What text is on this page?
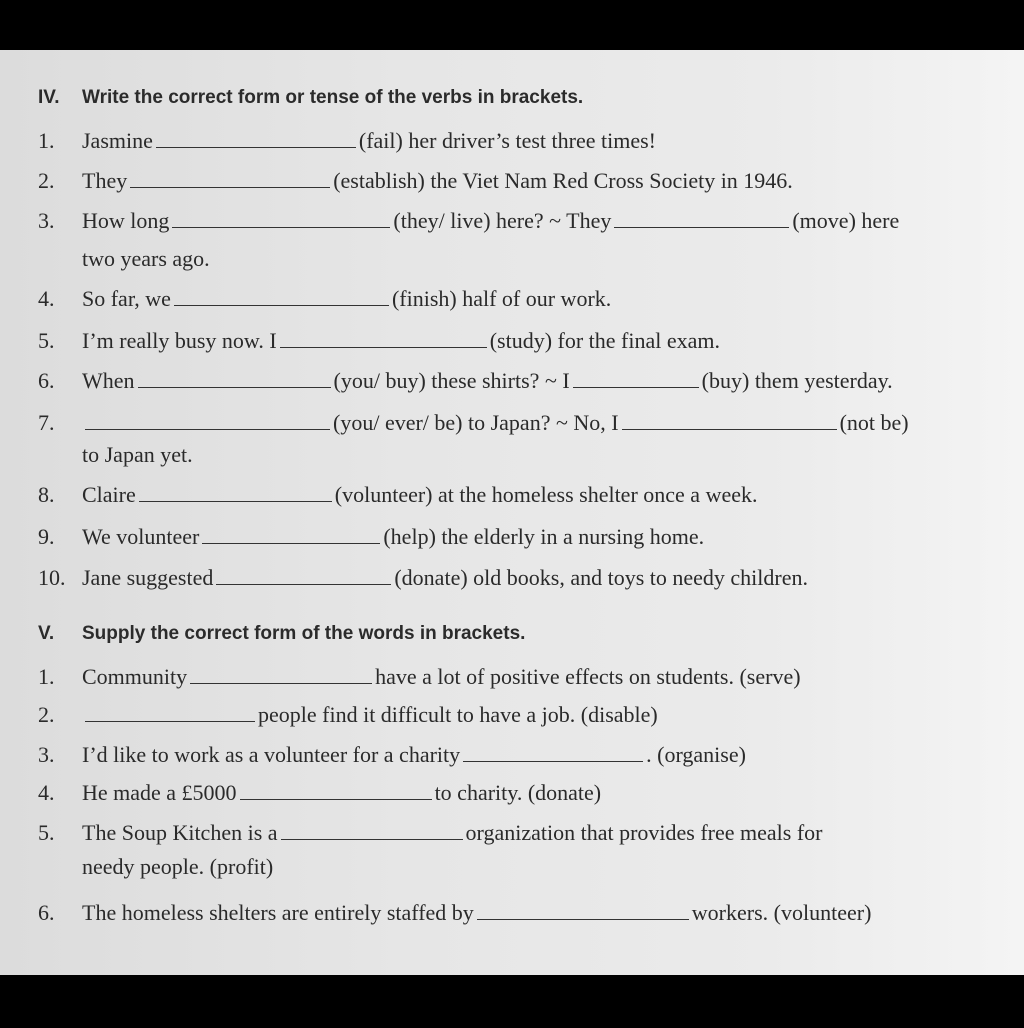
IV. Write the correct form or tense of the verbs in brackets.
1.	Jasmine	(fail) her driver’s test three times!
2.	They	(establish) the Viet Nam Red Cross Society in 1946.
3.	How long	(they/ live) here? ~ They	(move) here
two years ago.
4.	So far, we	(finish) half of our work.
5.	I’m really busy now. I	(study) for the final exam.
6.	When	(you/ buy) these shirts? ~ I	(buy) them yesterday.
7.	(you/ ever/ be) to Japan? ~ No, I	(not be)
to Japan yet.
8.	Claire	(volunteer) at the homeless shelter once a week.
9.	We volunteer	(help) the elderly in a nursing home.
10. Jane suggested	(donate) old books, and toys to needy children.
V. Supply the correct form of the words in brackets.
1.	Community	have a lot of positive effects on students. (serve)
2.	people find it difficult to have a job. (disable)
3.	I’d like to work as a volunteer for a charity	. (organise)
4.	He made a £5000	to charity. (donate)
5.	The Soup Kitchen is a	organization that provides free meals for
needy people. (profit)
6.	The homeless shelters are entirely staffed by	workers. (volunteer)
